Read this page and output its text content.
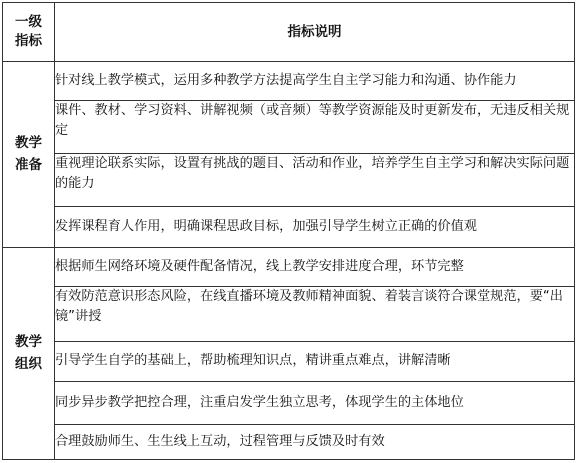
一级
指标	指标说明

教学
准备	针对线上教学模式，运用多种教学方法提高学生自主学习能力和沟通、协作能力
	课件、教材、学习资料、讲解视频（或音频）等教学资源能及时更新发布，无违反相关规定
	重视理论联系实际，设置有挑战的题目、活动和作业，培养学生自主学习和解决实际问题的能力
	发挥课程育人作用，明确课程思政目标，加强引导学生树立正确的价值观

教学
组织	根据师生网络环境及硬件配备情况，线上教学安排进度合理，环节完整
	有效防范意识形态风险，在线直播环境及教师精神面貌、着装言谈符合课堂规范，要“出镜”讲授
	引导学生自学的基础上，帮助梳理知识点，精讲重点难点，讲解清晰
	同步异步教学把控合理，注重启发学生独立思考，体现学生的主体地位
	合理鼓励师生、生生线上互动，过程管理与反馈及时有效
